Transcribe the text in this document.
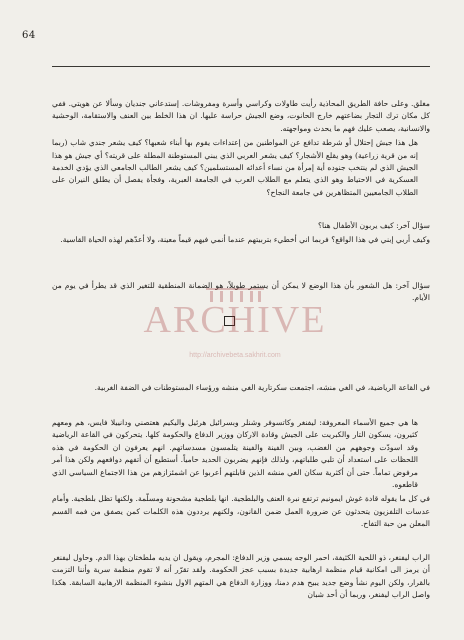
64

مغلق. وعلى حافة الطريق المحاذية رأيت طاولات وكراسي وأسرة ومفروشات. إستدعاني جنديان وسألا عن هويتي. ففي كل مكان ترك التجار بضاعتهم خارج الحانوت، وضع الجيش حراسة عليها. ان هذا الخلط بين العنف والاستقامة، الوحشية والانسانية، يصعب عليك فهم ما يحدث ومواجهته.

هل هذا جيش إحتلال أو شرطة تدافع عن المواطنين من إعتداءات يقوم بها أبناء شعبها؟ كيف يشعر جندي شاب (ربما إنه من قرية زراعية) وهو يقلع الأشجار؟ كيف يشعر العربي الذي يبني المستوطنة المطلة على قريته؟ أي جيش هو هذا الجيش الذي لم ينتخب جنوده أية إمرأة من نساء أعدائه المستسلمين؟ كيف يشعر الطالب الجامعي الذي يؤدي الخدمة العسكرية في الاحتياط وهو الذي يتعلم مع الطلاب العرب في الجامعة العبرية، وفجأة يفصل أن يطلق النيران على الطلاب الجامعيين المتظاهرين في جامعة النجاح؟

سؤال آخر: كيف يربون الأطفال هنا؟

وكيف أربي إبني في هذا الواقع؟ فربما اني أخطيء بتربيتهم عندما أنمي فيهم قيماً معينة، ولا أعدّهم لهذه الحياة القاسية.

سؤال آخر: هل الشعور بأن هذا الوضع لا يمكن أن يستمر طويلاً، هو الضمانة المنطقية للتغير الذي قد يطرأ في يوم من الأيام.

ARCHIVE
http://archivebeta.sakhrit.com

في القاعة الرياضية، في الغي منشه، اجتمعت سكرتارية الغي منشه ورؤساء المستوطنات في الضفة الغربية.

ها هي جميع الأسماء المعروفة: ليفنغر وكاتسوفر وشنلر وبسرائيل هرئيل واليكيم هعتصني ودانييلا فايس، هم ومعهم كثيرون، يسكون التار والكبريت على الجيش وقادة الاركان ووزير الدفاع والحكومة كلها. يتحركون في القاعة الرياضية وقد اسودّت وجوههم من الغضب، وبين الفينة والفينة يتلمسون مسدساتهم. انهم يعرفون ان الحكومة في هذه اللحظات على استعداد أن تلبي طلباتهم، ولذلك فإنهم يضربون الحديد حامياً. أستطيع أن أتفهم دوافعهم ولكن هذا أمر مرفوض تماماً. حتى أن أكثرية سكان الغي منشه الذين قابلتهم أعربوا عن اشمئزازهم من هذا الاجتماع السياسي الذي قاطعوه.

في كل ما يقوله قادة غوش ايمونيم ترتفع نبرة العنف والبلطجية. انها بلطجية مشحونة ومسلّمة. ولكنها تظل بلطجية. وأمام عدسات التلفزيون يتحدثون عن ضرورة العمل ضمن القانون، ولكنهم يرددون هذه الكلمات كمن يصفق من فمه القسم المعلن من حبة التفاح.

الراب ليفنغر، ذو اللحية الكثيفة، احمر الوجه يسمي وزير الدفاع: المجرم، ويقول ان يديه ملطختان بهذا الدم. وحاول ليفنغر أن يرمز الى امكانية قيام منظمة ارهابية جديدة بسبب عجز الحكومة. ولقد تقرّر أنه لا تقوم منظمة سرية وأننا التزمت بالقرار، ولكن اليوم نشأ وضع جديد يبيح هدم دمنا، ووزارة الدفاع هي المتهم الاول بنشوء المنظمة الارهابية السابقة. هكذا واصل الراب ليفنغر، وربما أن أحد شبان
